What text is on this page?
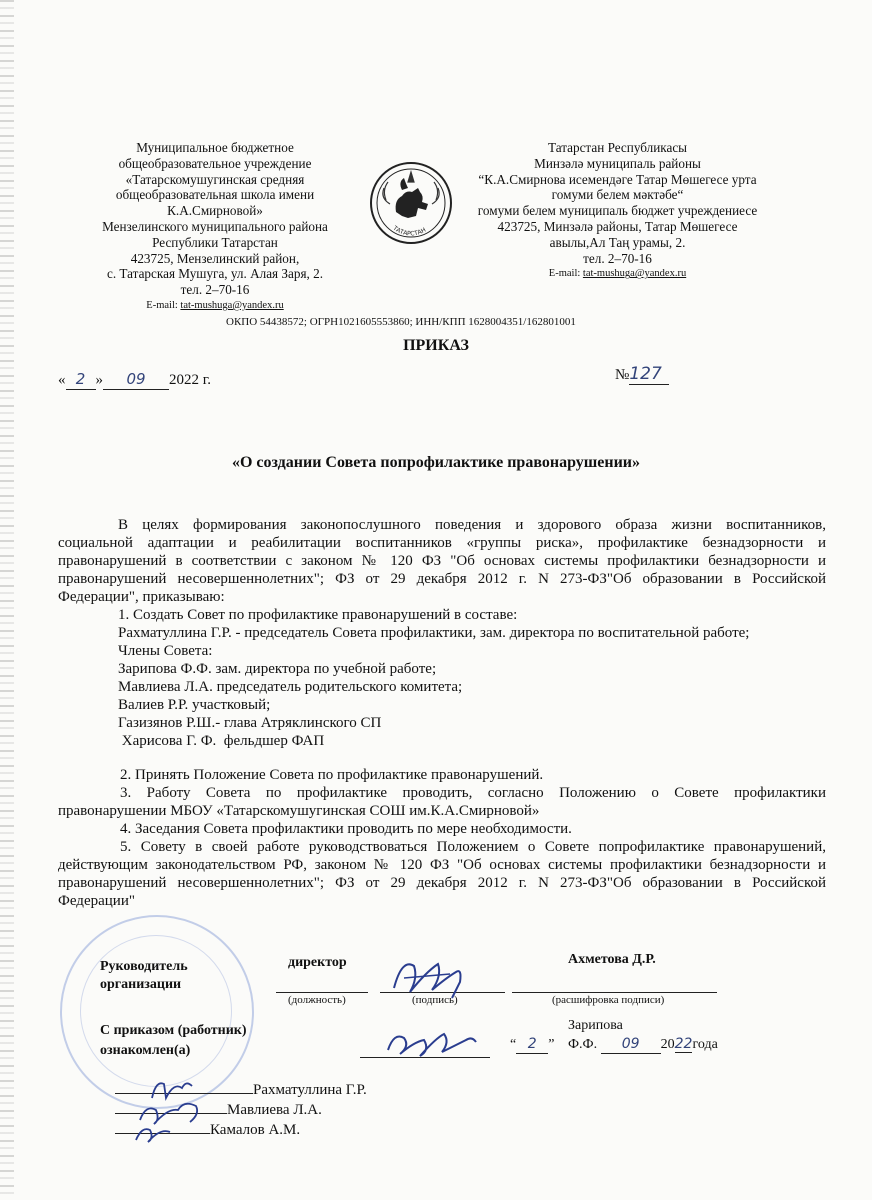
Муниципальное бюджетное
общеобразовательное учреждение
«Татарскомушугинская средняя
общеобразовательная школа имени
К.А.Смирновой»
Мензелинского муниципального района
Республики Татарстан
423725, Мензелинский район,
с. Татарская Мушуга, ул. Алая Заря, 2.
тел. 2–70-16
E-mail: tat-mushuga@yandex.ru
ТАТАРСТАН
Татарстан Республикасы
Минзәлә муниципаль районы
“К.А.Смирнова исемендәге Татар Мөшегесе урта
гомуми белем мәктәбе“
гомуми белем муниципаль бюджет учреждениесе
423725, Минзәлә районы, Татар Мөшегесе
авылы,Ал Таң урамы, 2.
тел. 2–70-16
E-mail: tat-mushuga@yandex.ru
ОКПО 54438572; ОГРН1021605553860; ИНН/КПП 1628004351/162801001
ПРИКАЗ
« 2 » 09 2022 г.	№127
«О создании Совета попрофилактике правонарушении»

В целях формирования законопослушного поведения и здорового образа жизни воспитанников,

социальной адаптации и реабилитации воспитанников «группы риска», профилактике безнадзорности и

правонарушений в соответствии с законом № 120 ФЗ "Об основах системы профилактики безнадзорности и

правонарушений несовершеннолетних"; ФЗ от 29 декабря 2012 г. N 273-ФЗ"Об образовании в Российской

Федерации", приказываю:

1. Создать Совет по профилактике правонарушений в составе:

Рахматуллина Г.Р. - председатель Совета профилактики, зам. директора по воспитательной работе;

Члены Совета:

Зарипова Ф.Ф. зам. директора по учебной работе;

Мавлиева Л.А. председатель родительского комитета;

Валиев Р.Р. участковый;

Газизянов Р.Ш.- глава Атряклинского СП

Харисова Г. Ф.  фельдшер ФАП

2. Принять Положение Совета по профилактике правонарушений.

3. Работу Совета по профилактике проводить, согласно Положению о Совете профилактики

правонарушении МБОУ «Татарскомушугинская СОШ им.К.А.Смирновой»

4. Заседания Совета профилактики проводить по мере необходимости.

5. Совету в своей работе руководствоваться Положением о Совете попрофилактике правонарушений,

действующим законодательством РФ, законом № 120 ФЗ "Об основах системы профилактики безнадзорности и

правонарушений несовершеннолетних"; ФЗ от 29 декабря 2012 г. N 273-ФЗ"Об образовании в Российской

Федерации"

Руководитель
организации
директор	Ахметова Д.Р.
(должность)	(подпись)	(расшифровка подписи)
С приказом (работник)
ознакомлен(а)	“ 2 ”
Зарипова
Ф.Ф. 09 2022года
Рахматуллина Г.Р.
Мавлиева Л.А.
Камалов А.М.
